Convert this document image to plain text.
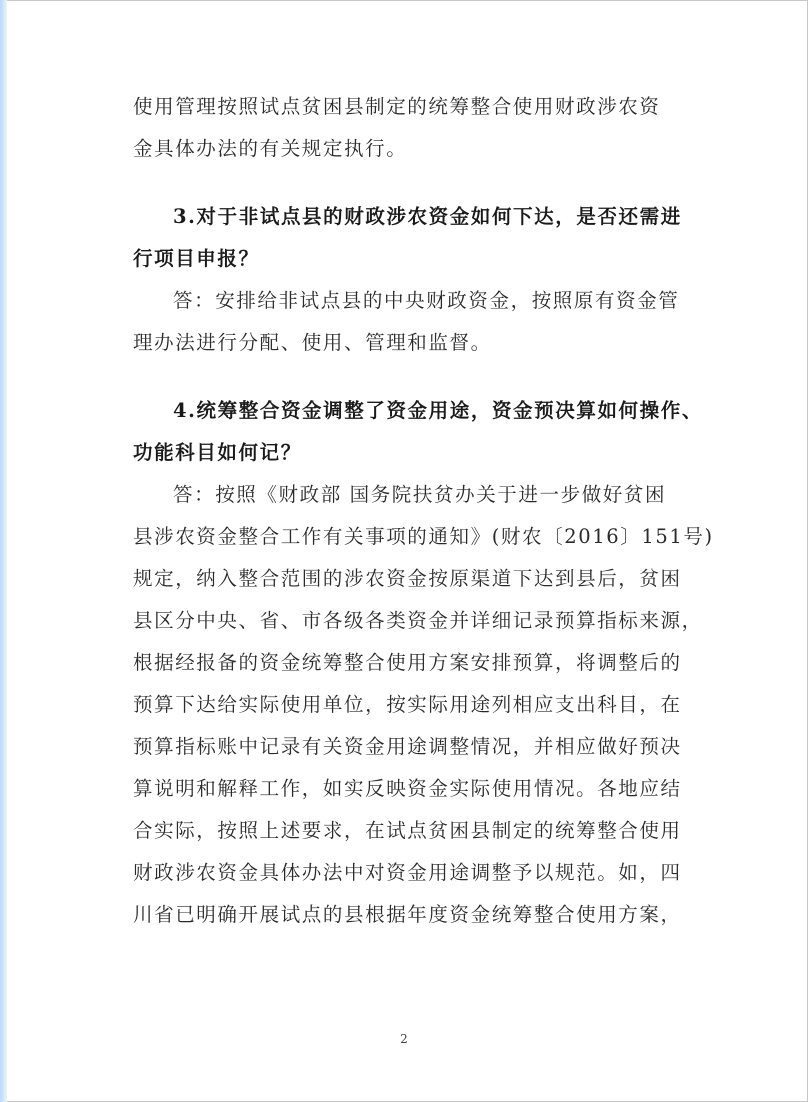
使用管理按照试点贫困县制定的统筹整合使用财政涉农资
金具体办法的有关规定执行。
3.对于非试点县的财政涉农资金如何下达，是否还需进
行项目申报？
答：安排给非试点县的中央财政资金，按照原有资金管
理办法进行分配、使用、管理和监督。
4.统筹整合资金调整了资金用途，资金预决算如何操作、
功能科目如何记？
答：按照《财政部 国务院扶贫办关于进一步做好贫困
县涉农资金整合工作有关事项的通知》(财农〔2016〕151号)
规定，纳入整合范围的涉农资金按原渠道下达到县后，贫困
县区分中央、省、市各级各类资金并详细记录预算指标来源，
根据经报备的资金统筹整合使用方案安排预算，将调整后的
预算下达给实际使用单位，按实际用途列相应支出科目，在
预算指标账中记录有关资金用途调整情况，并相应做好预决
算说明和解释工作，如实反映资金实际使用情况。各地应结
合实际，按照上述要求，在试点贫困县制定的统筹整合使用
财政涉农资金具体办法中对资金用途调整予以规范。如，四
川省已明确开展试点的县根据年度资金统筹整合使用方案，
2
